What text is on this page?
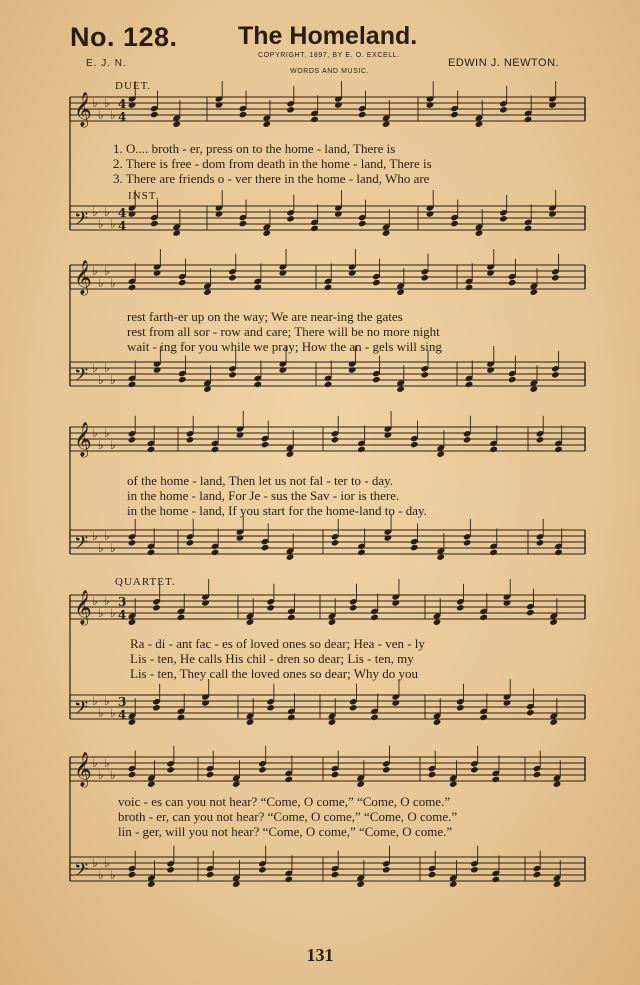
No. 128. The Homeland.
COPYRIGHT, 1897, BY E. O. EXCELL.
WORDS AND MUSIC.
E. J. N.	EDWIN J. NEWTON.
𝄞 ♭
♭
♭
♭
𝄢 ♭
♭
♭
♭
𝄞 ♭
♭
♭
♭
𝄢 ♭
♭
♭
♭
𝄞 ♭
♭
♭
♭
𝄢 ♭
♭
♭
♭
𝄞 ♭
♭
♭
♭
𝄢 ♭
♭
♭
♭
𝄞 ♭
♭
♭
♭
𝄢 ♭
♭
♭
♭
4
4
4
4
3
4
3
4
DUET.
INST.
QUARTET.
1. O.... broth - er, press on to the home - land, There is
2. There is free - dom from death in the home - land, There is
3. There are friends o - ver there in the home - land, Who are
rest farth-er up on the way; We are near-ing the gates
rest from all sor - row and care; There will be no more night
wait - ing for you while we pray; How the an - gels will sing
of the home - land, Then let us not fal - ter to - day.
in the home - land, For Je - sus the Sav - ior is there.
in the home - land, If you start for the home-land to - day.
Ra - di - ant fac - es of loved ones so dear; Hea - ven - ly
Lis - ten, He calls His chil - dren so dear; Lis - ten, my
Lis - ten, They call the loved ones so dear; Why do you
voic - es can you not hear? “Come, O come,” “Come, O come.”
broth - er, can you not hear? “Come, O come,” “Come, O come.”
lin - ger, will you not hear? “Come, O come,” “Come, O come.”
131
